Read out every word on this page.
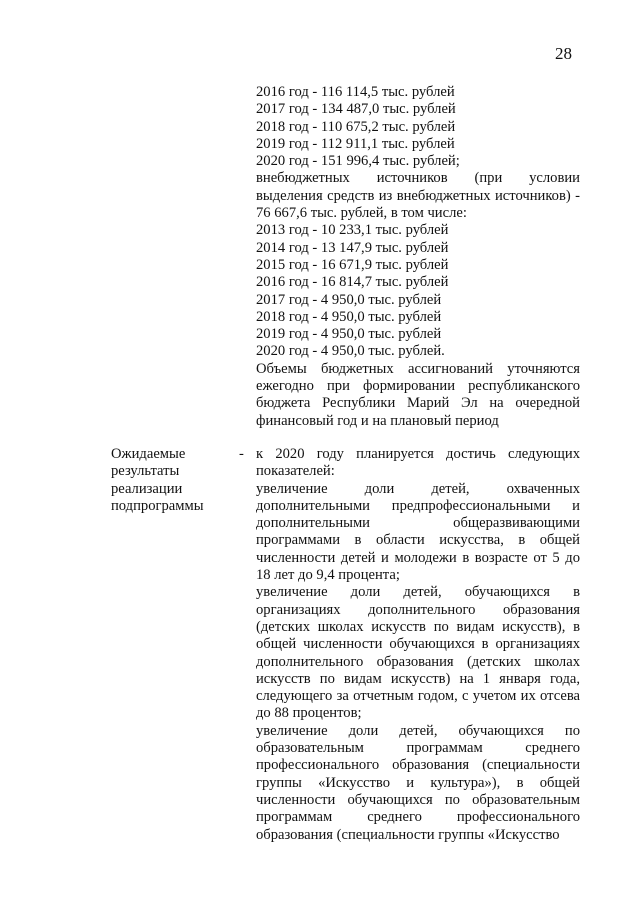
28
2016 год - 116 114,5 тыс. рублей
2017 год - 134 487,0 тыс. рублей
2018 год - 110 675,2 тыс. рублей
2019 год - 112 911,1 тыс. рублей
2020 год - 151 996,4 тыс. рублей;
внебюджетных источников (при условии выделения средств из внебюджетных источников) - 76 667,6 тыс. рублей, в том числе:
2013 год - 10 233,1 тыс. рублей
2014 год - 13 147,9 тыс. рублей
2015 год - 16 671,9 тыс. рублей
2016 год - 16 814,7 тыс. рублей
2017 год - 4 950,0 тыс. рублей
2018 год - 4 950,0 тыс. рублей
2019 год - 4 950,0 тыс. рублей
2020 год - 4 950,0 тыс. рублей.
Объемы бюджетных ассигнований уточняются ежегодно при формировании республиканского бюджета Республики Марий Эл на очередной финансовый год и на плановый период
Ожидаемые результаты реализации подпрограммы
- к 2020 году планируется достичь следующих показателей:
увеличение доли детей, охваченных дополнительными предпрофессиональными и дополнительными общеразвивающими программами в области искусства, в общей численности детей и молодежи в возрасте от 5 до 18 лет до 9,4 процента;
увеличение доли детей, обучающихся в организациях дополнительного образования (детских школах искусств по видам искусств), в общей численности обучающихся в организациях дополнительного образования (детских школах искусств по видам искусств) на 1 января года, следующего за отчетным годом, с учетом их отсева до 88 процентов;
увеличение доли детей, обучающихся по образовательным программам среднего профессионального образования (специальности группы «Искусство и культура»), в общей численности обучающихся по образовательным программам среднего профессионального образования (специальности группы «Искусство
